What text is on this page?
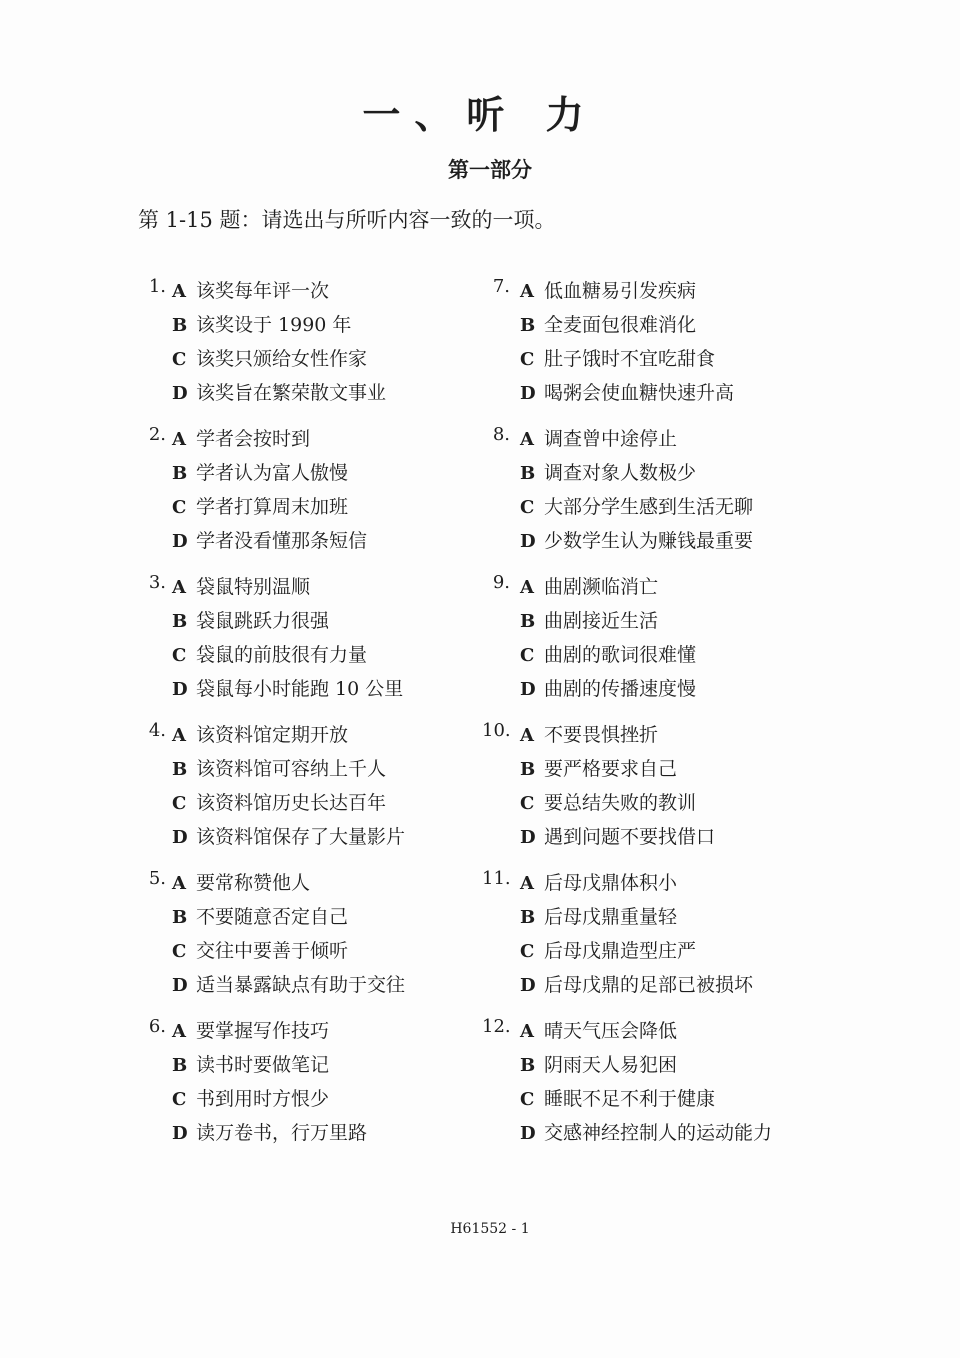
一、听 力
第一部分
第 1-15 题：请选出与所听内容一致的一项。
1. A 该奖每年评一次
B 该奖设于 1990 年
C 该奖只颁给女性作家
D 该奖旨在繁荣散文事业
2. A 学者会按时到
B 学者认为富人傲慢
C 学者打算周末加班
D 学者没看懂那条短信
3. A 袋鼠特别温顺
B 袋鼠跳跃力很强
C 袋鼠的前肢很有力量
D 袋鼠每小时能跑 10 公里
4. A 该资料馆定期开放
B 该资料馆可容纳上千人
C 该资料馆历史长达百年
D 该资料馆保存了大量影片
5. A 要常称赞他人
B 不要随意否定自己
C 交往中要善于倾听
D 适当暴露缺点有助于交往
6. A 要掌握写作技巧
B 读书时要做笔记
C 书到用时方恨少
D 读万卷书，行万里路
7. A 低血糖易引发疾病
B 全麦面包很难消化
C 肚子饿时不宜吃甜食
D 喝粥会使血糖快速升高
8. A 调查曾中途停止
B 调查对象人数极少
C 大部分学生感到生活无聊
D 少数学生认为赚钱最重要
9. A 曲剧濒临消亡
B 曲剧接近生活
C 曲剧的歌词很难懂
D 曲剧的传播速度慢
10. A 不要畏惧挫折
B 要严格要求自己
C 要总结失败的教训
D 遇到问题不要找借口
11. A 后母戊鼎体积小
B 后母戊鼎重量轻
C 后母戊鼎造型庄严
D 后母戊鼎的足部已被损坏
12. A 晴天气压会降低
B 阴雨天人易犯困
C 睡眠不足不利于健康
D 交感神经控制人的运动能力
H61552 - 1
